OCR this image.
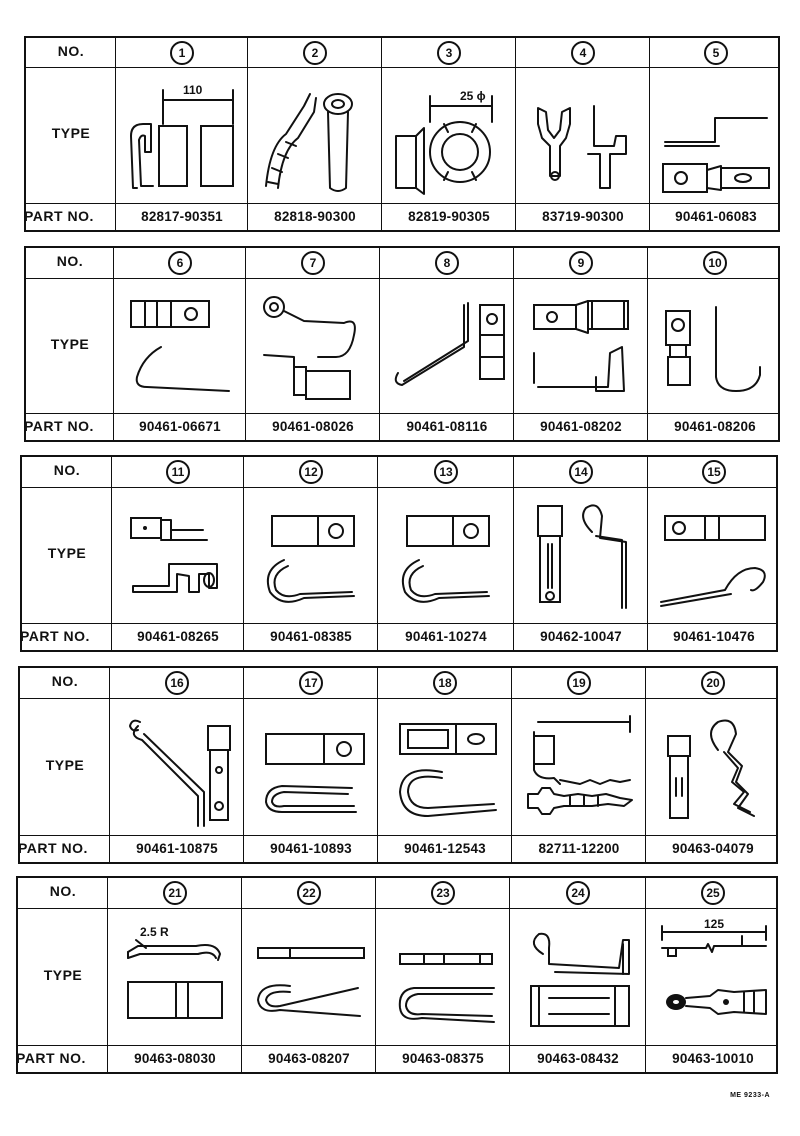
NO.
TYPE
PART NO.
1
110
82817-90351
2
82818-90300
3
25 ϕ
82819-90305
4
83719-90300
5
90461-06083
NO.
TYPE
PART NO.
6
90461-06671
7
90461-08026
8
90461-08116
9
90461-08202
10
90461-08206
NO.
TYPE
PART NO.
11
90461-08265
12
90461-08385
13
90461-10274
14
90462-10047
15
90461-10476
NO.
TYPE
PART NO.
16
90461-10875
17
90461-10893
18
90461-12543
19
82711-12200
20
90463-04079
NO.
TYPE
PART NO.
21
2.5 R
90463-08030
22
90463-08207
23
90463-08375
24
90463-08432
25
125
90463-10010
ME 9233-A
